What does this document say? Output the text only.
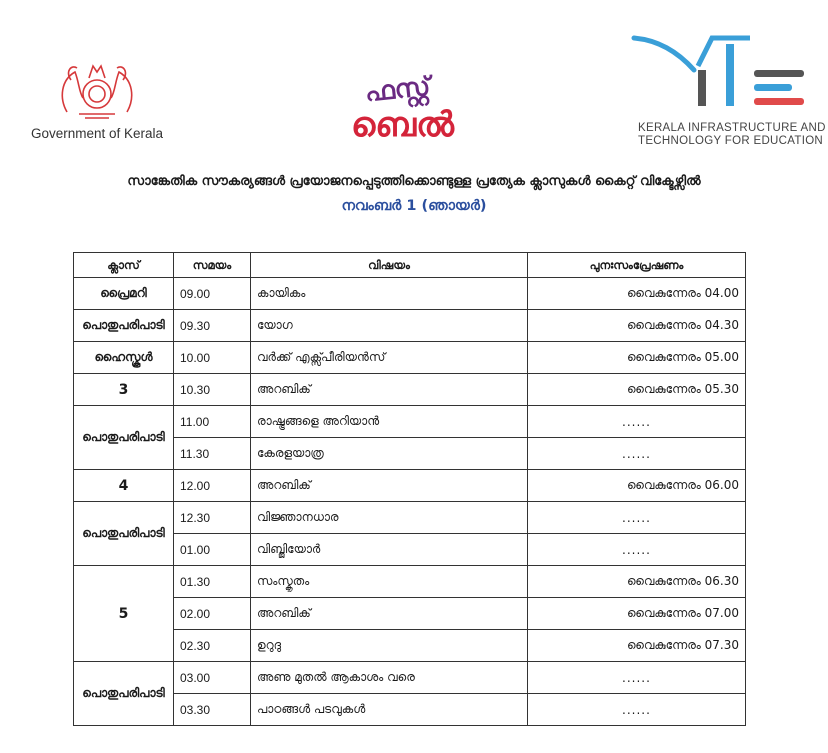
Government of Kerala
ഫസ്റ്റ്
ബെൽ	KERALA INFRASTRUCTURE AND
TECHNOLOGY FOR EDUCATION
സാങ്കേതിക സൗകര്യങ്ങൾ പ്രയോജനപ്പെടുത്തിക്കൊണ്ടുള്ള പ്രത്യേക ക്ലാസുകൾ കൈറ്റ് വിക്ടേഴ്സിൽ
നവംബർ 1 (ഞായർ)
ക്ലാസ്	സമയം	വിഷയം	പുനഃസംപ്രേഷണം
പ്രൈമറി	09.00	കായികം	വൈകുന്നേരം 04.00
പൊതുപരിപാടി	09.30	യോഗ	വൈകുന്നേരം 04.30
ഹൈസ്കൂൾ	10.00	വർക്ക് എക്സ്പീരിയൻസ്	വൈകുന്നേരം 05.00
3	10.30	അറബിക്	വൈകുന്നേരം 05.30
പൊതുപരിപാടി	11.00	രാഷ്ട്രങ്ങളെ അറിയാൻ	......
	11.30	കേരളയാത്ര	......
4	12.00	അറബിക്	വൈകുന്നേരം 06.00
പൊതുപരിപാടി	12.30	വിജ്ഞാനധാര	......
	01.00	വിബ്ജിയോർ	......
5	01.30	സംസ്കൃതം	വൈകുന്നേരം 06.30
	02.00	അറബിക്	വൈകുന്നേരം 07.00
	02.30	ഉറുദു	വൈകുന്നേരം 07.30
പൊതുപരിപാടി	03.00	അണു മുതൽ ആകാശം വരെ	......
	03.30	പാഠങ്ങൾ പടവുകൾ	......
